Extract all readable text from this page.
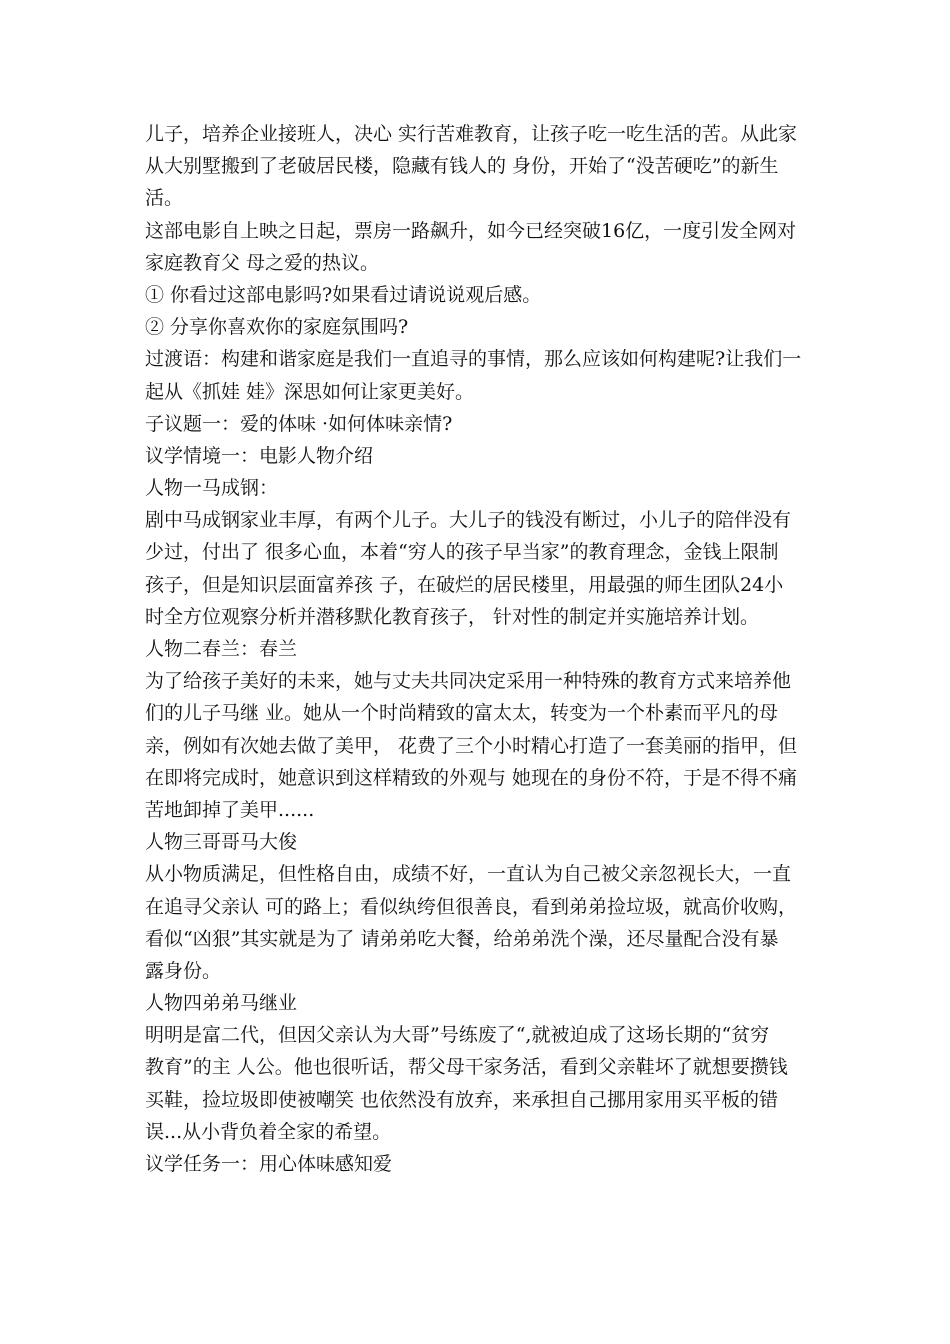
儿子，培养企业接班人，决心 实行苦难教育，让孩子吃一吃生活的苦。从此家
从大别墅搬到了老破居民楼，隐藏有钱人的 身份，开始了“没苦硬吃”的新生
活。
这部电影自上映之日起，票房一路飙升，如今已经突破16亿，一度引发全网对
家庭教育父 母之爱的热议。
① 你看过这部电影吗?如果看过请说说观后感。
② 分享你喜欢你的家庭氛围吗?
过渡语：构建和谐家庭是我们一直追寻的事情，那么应该如何构建呢?让我们一
起从《抓娃 娃》深思如何让家更美好。
子议题一：爱的体味 ·如何体味亲情?
议学情境一：电影人物介绍
人物一马成钢：
剧中马成钢家业丰厚，有两个儿子。大儿子的钱没有断过，小儿子的陪伴没有
少过，付出了 很多心血，本着“穷人的孩子早当家”的教育理念，金钱上限制
孩子，但是知识层面富养孩 子，在破烂的居民楼里，用最强的师生团队24小
时全方位观察分析并潜移默化教育孩子， 针对性的制定并实施培养计划。
人物二春兰：春兰
为了给孩子美好的未来，她与丈夫共同决定采用一种特殊的教育方式来培养他
们的儿子马继 业。她从一个时尚精致的富太太，转变为一个朴素而平凡的母
亲，例如有次她去做了美甲， 花费了三个小时精心打造了一套美丽的指甲，但
在即将完成时，她意识到这样精致的外观与 她现在的身份不符，于是不得不痛
苦地卸掉了美甲......
人物三哥哥马大俊
从小物质满足，但性格自由，成绩不好，一直认为自己被父亲忽视长大，一直
在追寻父亲认 可的路上；看似纨绔但很善良，看到弟弟捡垃圾，就高价收购，
看似“凶狠”其实就是为了 请弟弟吃大餐，给弟弟洗个澡，还尽量配合没有暴
露身份。
人物四弟弟马继业
明明是富二代，但因父亲认为大哥”号练废了“,就被迫成了这场长期的“贫穷
教育”的主 人公。他也很听话，帮父母干家务活，看到父亲鞋坏了就想要攒钱
买鞋，捡垃圾即使被嘲笑 也依然没有放弃，来承担自己挪用家用买平板的错
误...从小背负着全家的希望。
议学任务一：用心体味感知爱
